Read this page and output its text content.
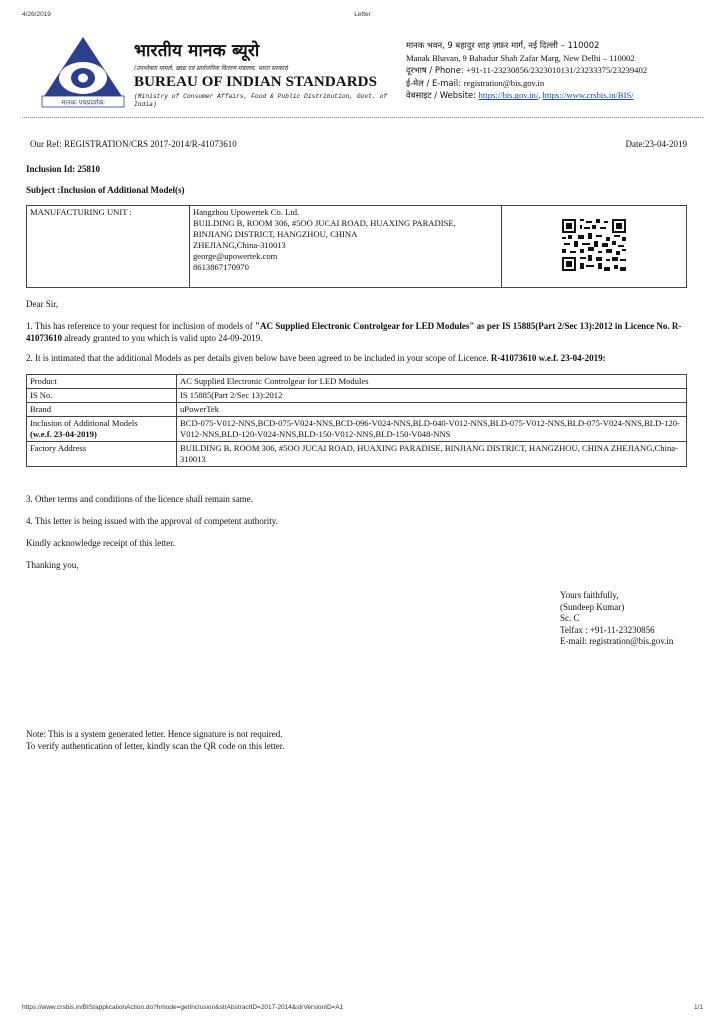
4/26/2019	Letter
मानकः पथप्रदर्शकः
भारतीय मानक ब्यूरो
(उपभोक्ता मामले, खाद्य एवं सार्वजनिक वितरण मंत्रालय, भारत सरकार)
BUREAU OF INDIAN STANDARDS
(Ministry of Consumer Affairs, Food & Public Distribution, Govt. of India)
मानक भवन, 9 बहादुर शाह ज़फ़र मार्ग, नई दिल्ली – 110002
Manak Bhavan, 9 Bahadur Shah Zafar Marg, New Delhi – 110002
दूरभाष / Phone: +91-11-23230856/2323010131/23233375/23239402
ई-मेल / E-mail: registration@bis.gov.in
वेबसाइट / Website: https://bis.gov.in/, https://www.crsbis.in/BIS/
Our Ref: REGISTRATION/CRS 2017-2014/R-41073610	Date:23-04-2019
Inclusion Id: 25810
Subject :Inclusion of Additional Model(s)
MANUFACTURING UNIT :	Hangzhou Upowertek Co. Ltd.
BUILDING B, ROOM 306, #5OO JUCAI ROAD, HUAXING PARADISE,
BINJIANG DISTRICT, HANGZHOU, CHINA
ZHEJIANG,China-310013
george@upowertek.com
8613867170970

Dear Sir,
1. This has reference to your request for inclusion of models of "AC Supplied Electronic Controlgear for LED Modules" as per IS 15885(Part 2/Sec 13):2012 in Licence No. R-41073610 already granted to you which is valid upto 24-09-2019.
2. It is intimated that the additional Models as per details given below have been agreed to be included in your scope of Licence. R-41073610 w.e.f. 23-04-2019:
Product	AC Supplied Electronic Controlgear for LED Modules
IS No.	IS 15885(Part 2/Sec 13):2012
Brand	uPowerTek

Inclusion of Additional Models
(w.e.f. 23-04-2019)	BCD-075-V012-NNS,BCD-075-V024-NNS,BCD-096-V024-NNS,BLD-040-V012-NNS,BLD-075-V012-NNS,BLD-075-V024-NNS,BLD-120-V012-NNS,BLD-120-V024-NNS,BLD-150-V012-NNS,BLD-150-V048-NNS
Factory Address	BUILDING B, ROOM 306, #5OO JUCAI ROAD, HUAXING PARADISE, BINJIANG DISTRICT, HANGZHOU, CHINA ZHEJIANG,China-310013
3. Other terms and conditions of the licence shall remain same.
4. This letter is being issued with the approval of competent authority.
Kindly acknowledge receipt of this letter.
Thanking you,
Yours faithfully,
(Sundeep Kumar)
Sc. C
Telfax : +91-11-23230856
E-mail: registration@bis.gov.in
Note: This is a system generated letter. Hence signature is not required.
To verify authentication of letter, kindly scan the QR code on this letter.
https://www.crsbis.in/BIS/applicationAction.do?hmode=getInclusion&strAbstractID=2017-2014&strVersionID=A1	1/1
